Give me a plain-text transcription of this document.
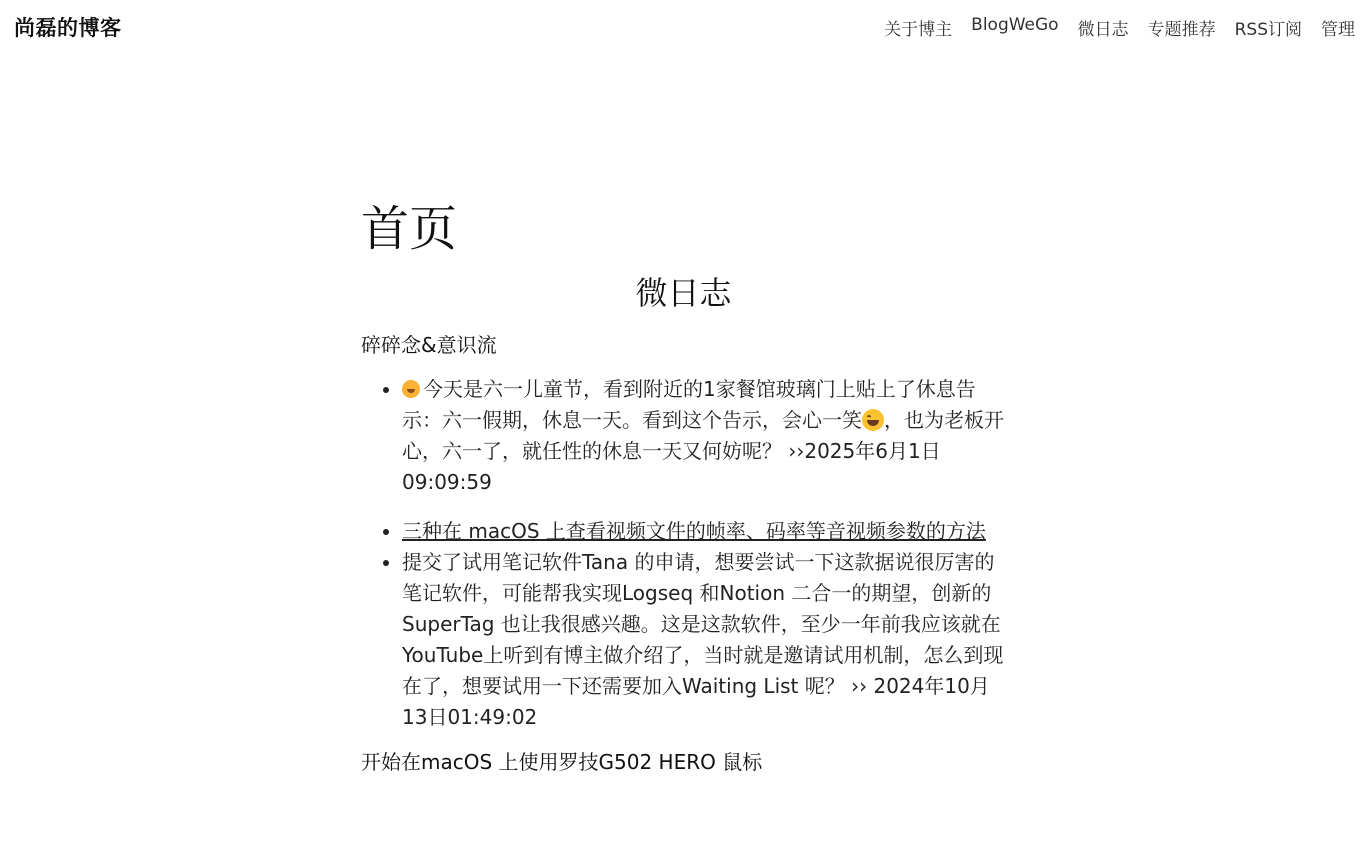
尚磊的博客	关于博主 BlogWeGo 微日志 专题推荐 RSS订阅 管理
首页
微日志
碎碎念&意识流
• 今天是六一儿童节，看到附近的1家餐馆玻璃门上贴上了休息告示：六一假期，休息一天。看到这个告示，会心一笑 ，也为老板开心，六一了，就任性的休息一天又何妨呢？ ››2025年6月1日09:09:59
• 三种在 macOS 上查看视频文件的帧率、码率等音视频参数的方法
• 提交了试用笔记软件Tana 的申请，想要尝试一下这款据说很厉害的笔记软件，可能帮我实现Logseq 和Notion 二合一的期望，创新的SuperTag 也让我很感兴趣。这是这款软件，至少一年前我应该就在YouTube上听到有博主做介绍了，当时就是邀请试用机制，怎么到现在了，想要试用一下还需要加入Waiting List 呢？ ›› 2024年10月13日01:49:02
开始在macOS 上使用罗技G502 HERO 鼠标
